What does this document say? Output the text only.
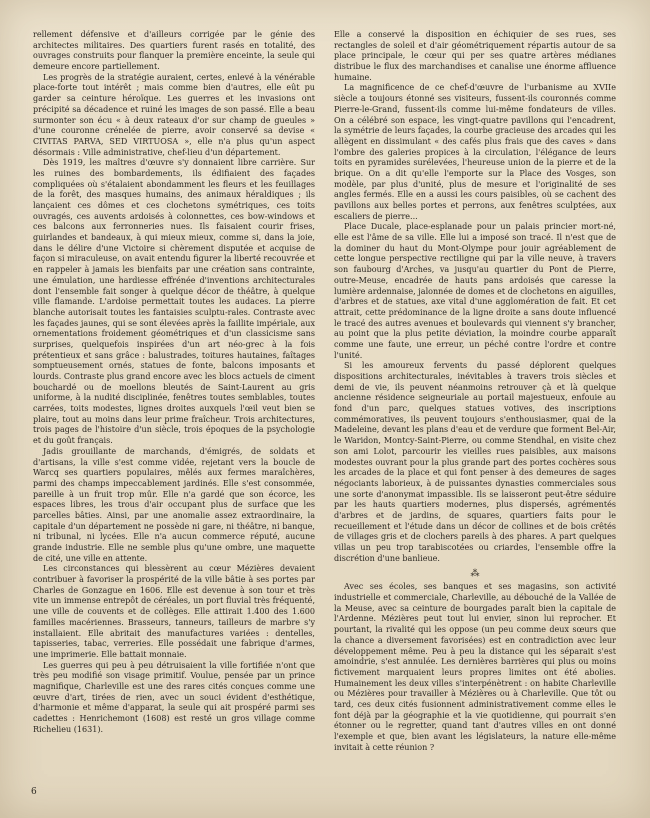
rellement défensive et d'ailleurs corrigée par le génie des architectes militaires. Des quartiers furent rasés en totalité, des ouvrages construits pour flanquer la première enceinte, la seule qui demeure encore partiellement.

Les progrès de la stratégie auraient, certes, enlevé à la vénérable place-forte tout intérêt ; mais comme bien d'autres, elle eût pu garder sa ceinture héroïque. Les guerres et les invasions ont précipité sa décadence et ruiné les images de son passé. Elle a beau surmonter son écu « à deux rateaux d'or sur champ de gueules » d'une couronne crénelée de pierre, avoir conservé sa devise « CIVITAS PARVA, SED VIRTUOSA », elle n'a plus qu'un aspect désormais : Ville administrative, chef-lieu d'un département.

Dès 1919, les maîtres d'œuvre s'y donnaient libre carrière. Sur les ruines des bombardements, ils édifiaient des façades compliquées où s'étalaient abondamment les fleurs et les feuillages de la forêt, des masques humains, des animaux héraldiques ; ils lançaient ces dômes et ces clochetons symétriques, ces toits ouvragés, ces auvents ardoisés à colonnettes, ces bow-windows et ces balcons aux ferronneries nues. Ils faisaient courir frises, guirlandes et bandeaux, à qui mieux mieux, comme si, dans la joie, dans le délire d'une Victoire si chèrement disputée et acquise de façon si miraculeuse, on avait entendu figurer la liberté recouvrée et en rappeler à jamais les bienfaits par une création sans contrainte, une émulation, une hardiesse effrénée d'inventions architecturales dont l'ensemble fait songer à quelque décor de théâtre, à quelque ville flamande. L'ardoise permettait toutes les audaces. La pierre blanche autorisait toutes les fantaisies sculptu-rales. Contraste avec les façades jaunes, qui se sont élevées après la faillite impériale, aux ornementations froidement géométriques et d'un classicisme sans surprises, quelquefois inspirées d'un art néo-grec à la fois prétentieux et sans grâce : balustrades, toitures hautaines, faîtages somptueusement ornés, statues de fonte, balcons imposants et lourds. Contraste plus grand encore avec les blocs actuels de ciment bouchardé ou de moellons bleutés de Saint-Laurent au gris uniforme, à la nudité disciplinée, fenêtres toutes semblables, toutes carrées, toits modestes, lignes droites auxquels l'œil veut bien se plaire, tout au moins dans leur prime fraîcheur. Trois architectures, trois pages de l'histoire d'un siècle, trois époques de la psychologie et du goût français.

Jadis grouillante de marchands, d'émigrés, de soldats et d'artisans, la ville s'est comme vidée, rejetant vers la boucle de Warcq ses quartiers populaires, mêlés aux fermes maraîchères, parmi des champs impeccablement jardinés. Elle s'est consommée, pareille à un fruit trop mûr. Elle n'a gardé que son écorce, les espaces libres, les trous d'air occupant plus de surface que les parcelles bâties. Ainsi, par une anomalie assez extraordinaire, la capitale d'un département ne possède ni gare, ni théâtre, ni banque, ni tribunal, ni lycées. Elle n'a aucun commerce réputé, aucune grande industrie. Elle ne semble plus qu'une ombre, une maquette de cité, une ville en attente.

Les circonstances qui blessèrent au cœur Mézières devaient contribuer à favoriser la prospérité de la ville bâtie à ses portes par Charles de Gonzague en 1606. Elle est devenue à son tour et très vite un immense entrepôt de céréales, un port fluvial très fréquenté, une ville de couvents et de collèges. Elle attirait 1.400 des 1.600 familles macériennes. Brasseurs, tanneurs, tailleurs de marbre s'y installaient. Elle abritait des manufactures variées : dentelles, tapisseries, tabac, verreries. Elle possédait une fabrique d'armes, une imprimerie. Elle battait monnaie.

Les guerres qui peu à peu détruisaient la ville fortifiée n'ont que très peu modifié son visage primitif. Voulue, pensée par un prince magnifique, Charleville est une des rares cités conçues comme une œuvre d'art, tirées de rien, avec un souci évident d'esthétique, d'harmonie et même d'apparat, la seule qui ait prospéré parmi ses cadettes : Henrichemont (1608) est resté un gros village comme Richelieu (1631).

Elle a conservé la disposition en échiquier de ses rues, ses rectangles de soleil et d'air géométriquement répartis autour de sa place principale, le cœur qui per ses quatre artères médianes distribue le flux des marchandises et canalise une énorme affluence humaine.

La magnificence de ce chef-d'œuvre de l'urbanisme au XVIIe siècle a toujours étonné ses visiteurs, fussent-ils couronnés comme Pierre-le-Grand, fussent-ils comme lui-même fondateurs de villes. On a célébré son espace, les vingt-quatre pavillons qui l'encadrent, la symétrie de leurs façades, la courbe gracieuse des arcades qui les allègent en dissimulant « des cafés plus frais que des caves » dans l'ombre des galeries propices à la circulation, l'élégance de leurs toits en pyramides surélevées, l'heureuse union de la pierre et de la brique. On a dit qu'elle l'emporte sur la Place des Vosges, son modèle, par plus d'unité, plus de mesure et l'originalité de ses angles fermés. Elle en a aussi les cours paisibles, où se cachent des pavillons aux belles portes et perrons, aux fenêtres sculptées, aux escaliers de pierre...

Place Ducale, place-esplanade pour un palais princier mort-né, elle est l'âme de sa ville. Elle lui a imposé son tracé. Il n'est que de la dominer du haut du Mont-Olympe pour jouir agréablement de cette longue perspective rectiligne qui par la ville neuve, à travers son faubourg d'Arches, va jusqu'au quartier du Pont de Pierre, outre-Meuse, encadrée de hauts pans ardoisés que caresse la lumière ardennaise, jalonnée de domes et de clochetons en aiguilles, d'arbres et de statues, axe vital d'une agglomération de fait. Et cet attrait, cette prédominance de la ligne droite a sans doute influencé le tracé des autres avenues et boulevards qui viennent s'y brancher, au point que la plus petite déviation, la moindre courbe apparaît comme une faute, une erreur, un péché contre l'ordre et contre l'unité.

Si les amoureux fervents du passé déplorent quelques dispositions architecturales, inévitables à travers trois siècles et demi de vie, ils peuvent néanmoins retrouver çà et là quelque ancienne résidence seigneuriale au portail majestueux, enfouie au fond d'un parc, quelques statues votives, des inscriptions commémoratives, ils peuvent toujours s'enthousiasmer, quai de la Madeleine, devant les plans d'eau et de verdure que forment Bel-Air, le Waridon, Montcy-Saint-Pierre, ou comme Stendhal, en visite chez son ami Lolot, parcourir les vieilles rues paisibles, aux maisons modestes ouvrant pour la plus grande part des portes cochères sous les arcades de la place et qui font penser à des demeures de sages négociants laborieux, à de puissantes dynasties commerciales sous une sorte d'anonymat impassible. Ils se laisseront peut-être séduire par les hauts quartiers modernes, plus dispersés, agrémentés d'arbres et de jardins, de squares, quartiers faits pour le recueillement et l'étude dans un décor de collines et de bois crêtés de villages gris et de clochers pareils à des phares. A part quelques villas un peu trop tarabiscotées ou criardes, l'ensemble offre la discrétion d'une banlieue.

⁂

Avec ses écoles, ses banques et ses magasins, son activité industrielle et commerciale, Charleville, au débouché de la Vallée de la Meuse, avec sa ceinture de bourgades paraît bien la capitale de l'Ardenne. Mézières peut tout lui envier, sinon lui reprocher. Et pourtant, la rivalité qui les oppose (un peu comme deux sœurs que la chance a diversement favorisées) est en contradiction avec leur développement même. Peu à peu la distance qui les séparait s'est amoindrie, s'est annulée. Les dernières barrières qui plus ou moins fictivement marquaient leurs propres limites ont été abolies. Humainement les deux villes s'interpénètrent : on habite Charleville ou Mézières pour travailler à Mézières ou à Charleville. Que tôt ou tard, ces deux cités fusionnent administrativement comme elles le font déjà par la géographie et la vie quotidienne, qui pourrait s'en étonner ou le regretter, quand tant d'autres villes en ont donné l'exemple et que, bien avant les législateurs, la nature elle-même invitait à cette réunion ?

6
